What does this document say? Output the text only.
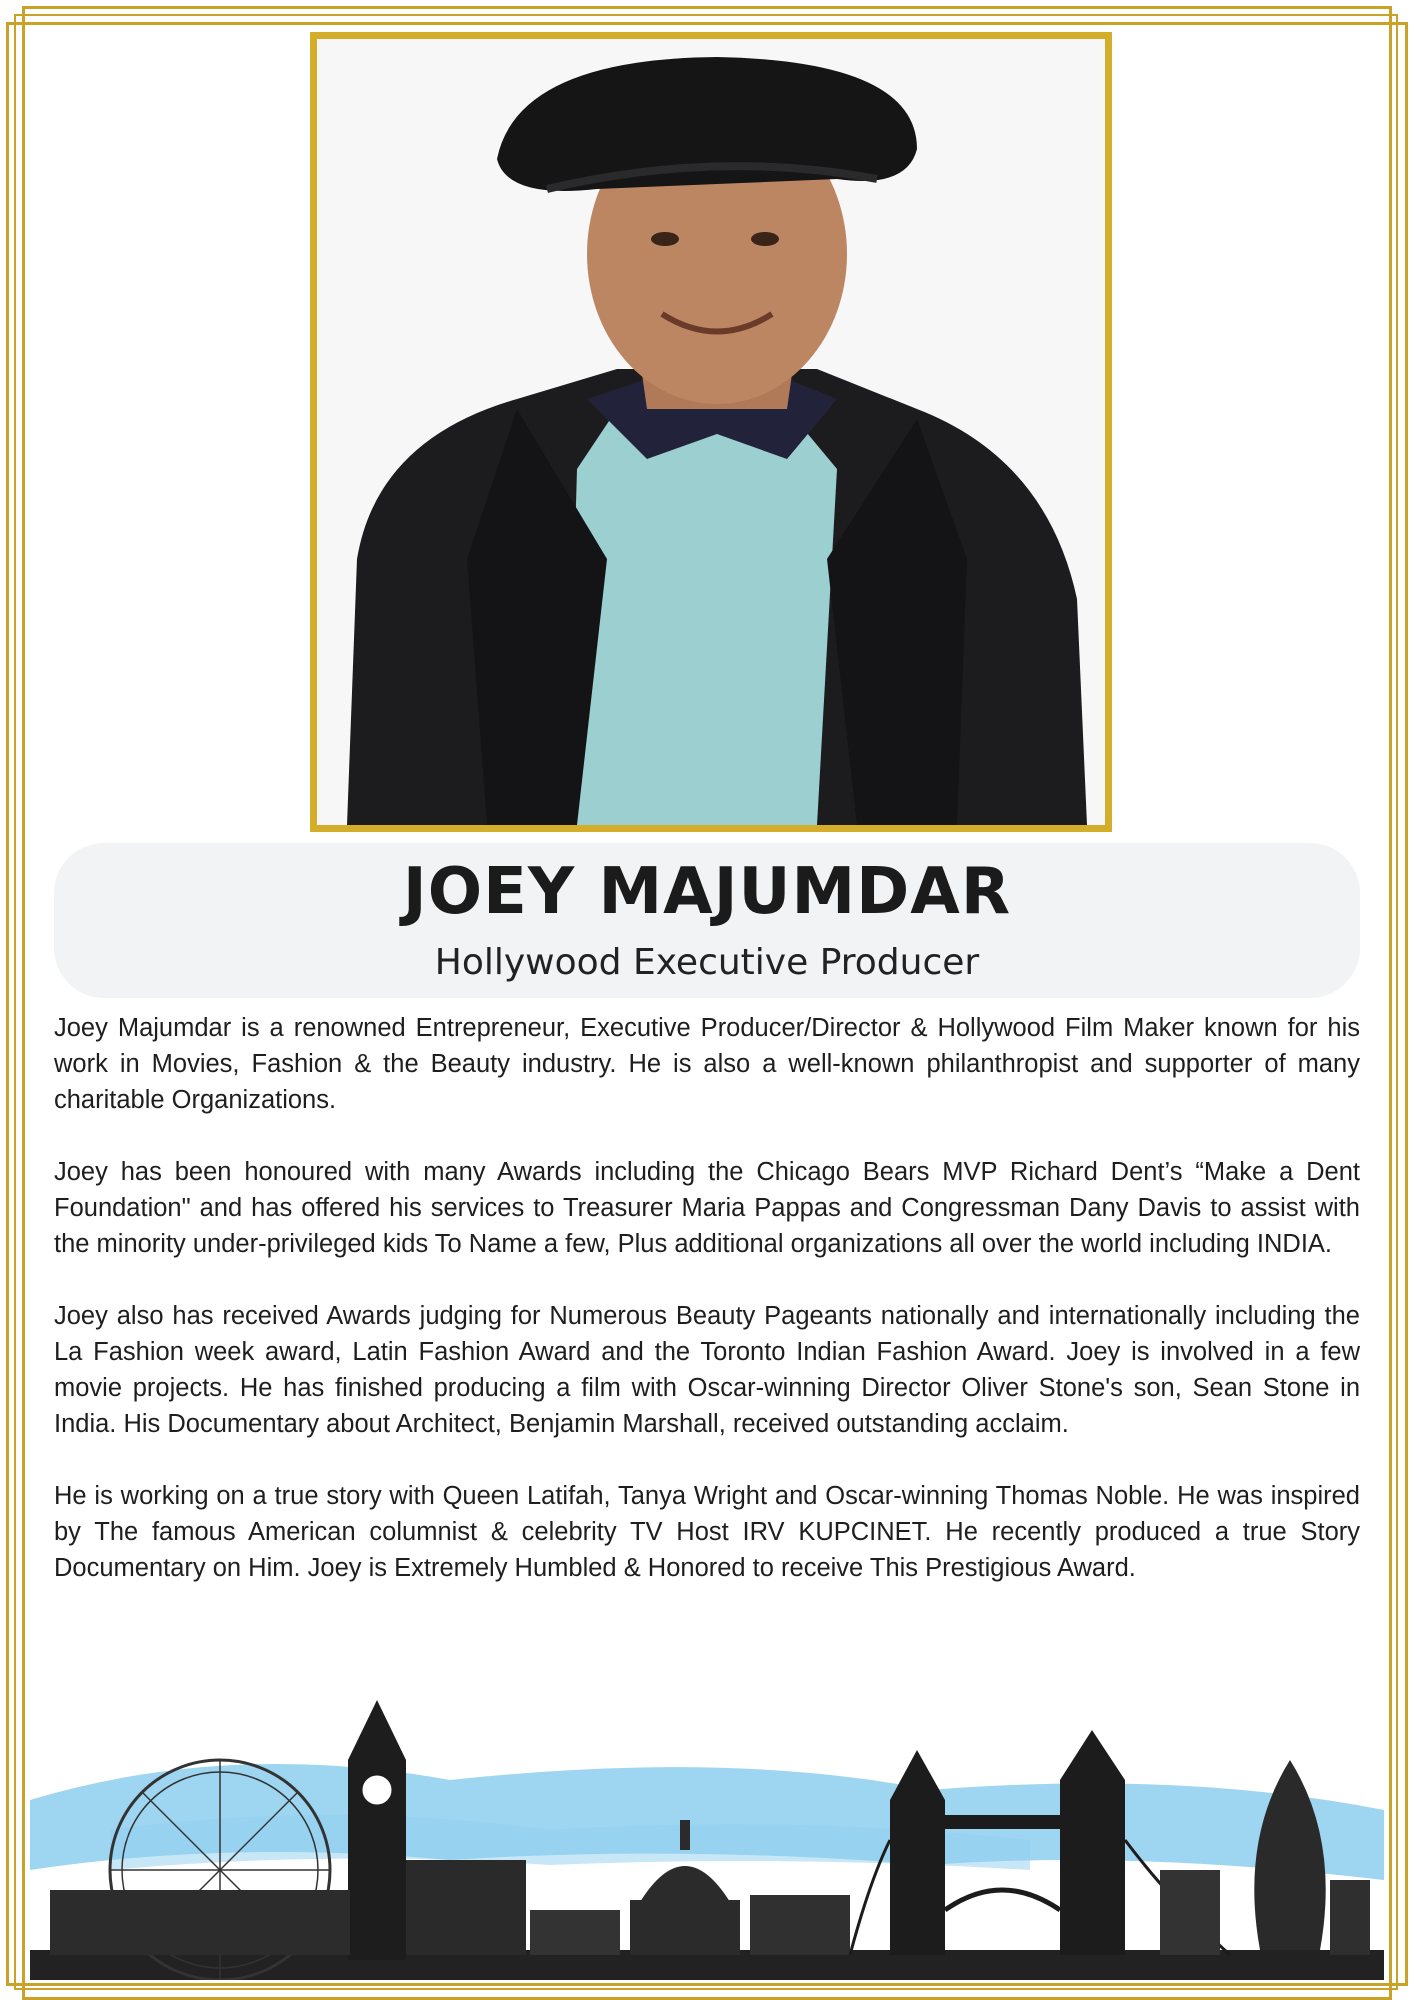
JOEY MAJUMDAR
Hollywood Executive Producer

Joey Majumdar is a renowned Entrepreneur, Executive Producer/Director & Hollywood Film Maker known for his work in Movies, Fashion & the Beauty industry. He is also a well-known philanthropist and supporter of many charitable Organizations.

Joey has been honoured with many Awards including the Chicago Bears MVP Richard Dent’s “Make a Dent Foundation" and has offered his services to Treasurer Maria Pappas and Congressman Dany Davis to assist with the minority under-privileged kids To Name a few, Plus additional organizations all over the world including INDIA.

Joey also has received Awards judging for Numerous Beauty Pageants nationally and internationally including the La Fashion week award, Latin Fashion Award and the Toronto Indian Fashion Award. Joey is involved in a few movie projects. He has finished producing a film with Oscar-winning Director Oliver Stone's son, Sean Stone in India. His Documentary about Architect, Benjamin Marshall, received outstanding acclaim.

He is working on a true story with Queen Latifah, Tanya Wright and Oscar-winning Thomas Noble. He was inspired by The famous American columnist & celebrity TV Host IRV KUPCINET. He recently produced a true Story Documentary on Him. Joey is Extremely Humbled & Honored to receive This Prestigious Award.
